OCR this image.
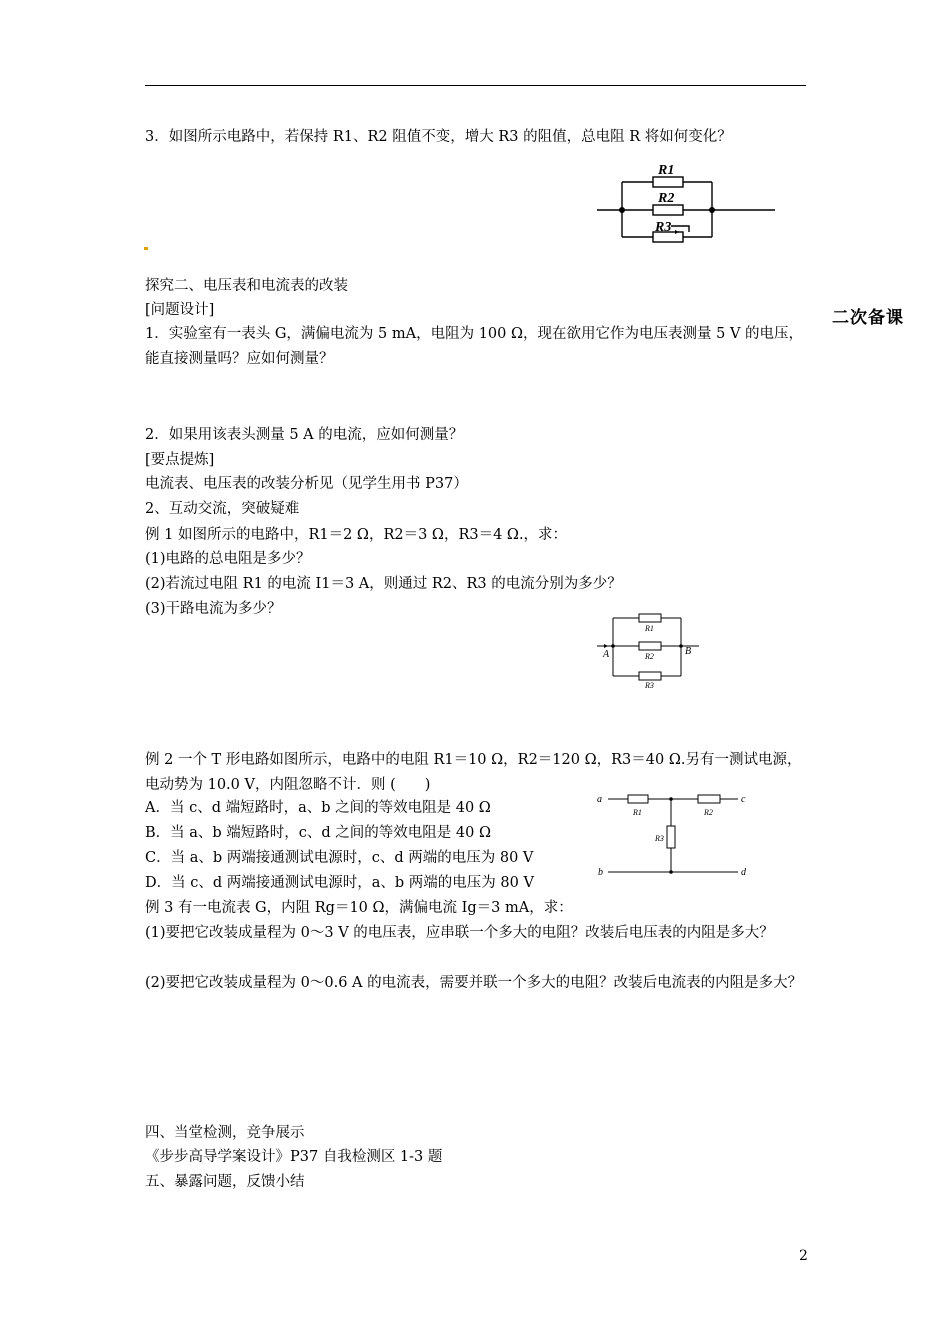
二次备课
3．如图所示电路中，若保持 R1、R2 阻值不变，增大 R3 的阻值，总电阻 R 将如何变化？
R1
R2
R3
探究二、电压表和电流表的改装
[问题设计]
1．实验室有一表头 G，满偏电流为 5 mA，电阻为 100 Ω，现在欲用它作为电压表测量 5 V 的电压，能直接测量吗？应如何测量？
2．如果用该表头测量 5 A 的电流，应如何测量？
[要点提炼]
电流表、电压表的改装分析见（见学生用书 P37）
2、互动交流，突破疑难
例 1 如图所示的电路中，R1＝2 Ω，R2＝3 Ω，R3＝4 Ω.，求：
(1)电路的总电阻是多少？
(2)若流过电阻 R1 的电流 I1＝3 A，则通过 R2、R3 的电流分别为多少？
(3)干路电流为多少？
R1
R2
R3
A	B
例 2 一个 T 形电路如图所示，电路中的电阻 R1＝10 Ω，R2＝120 Ω，R3＝40 Ω.另有一测试电源，电动势为 10.0 V，内阻忽略不计．则 (　　)
A．当 c、d 端短路时，a、b 之间的等效电阻是 40 Ω
B．当 a、b 端短路时，c、d 之间的等效电阻是 40 Ω
C．当 a、b 两端接通测试电源时，c、d 两端的电压为 80 V
D．当 c、d 两端接通测试电源时，a、b 两端的电压为 80 V
a
b
c
d
R1	R2
R3
例 3 有一电流表 G，内阻 Rg＝10 Ω，满偏电流 Ig＝3 mA，求：
(1)要把它改装成量程为 0～3 V 的电压表，应串联一个多大的电阻？改装后电压表的内阻是多大？
(2)要把它改装成量程为 0～0.6 A 的电流表，需要并联一个多大的电阻？改装后电流表的内阻是多大？
四、当堂检测，竞争展示
《步步高导学案设计》P37 自我检测区 1-3 题
五、暴露问题，反馈小结
2
